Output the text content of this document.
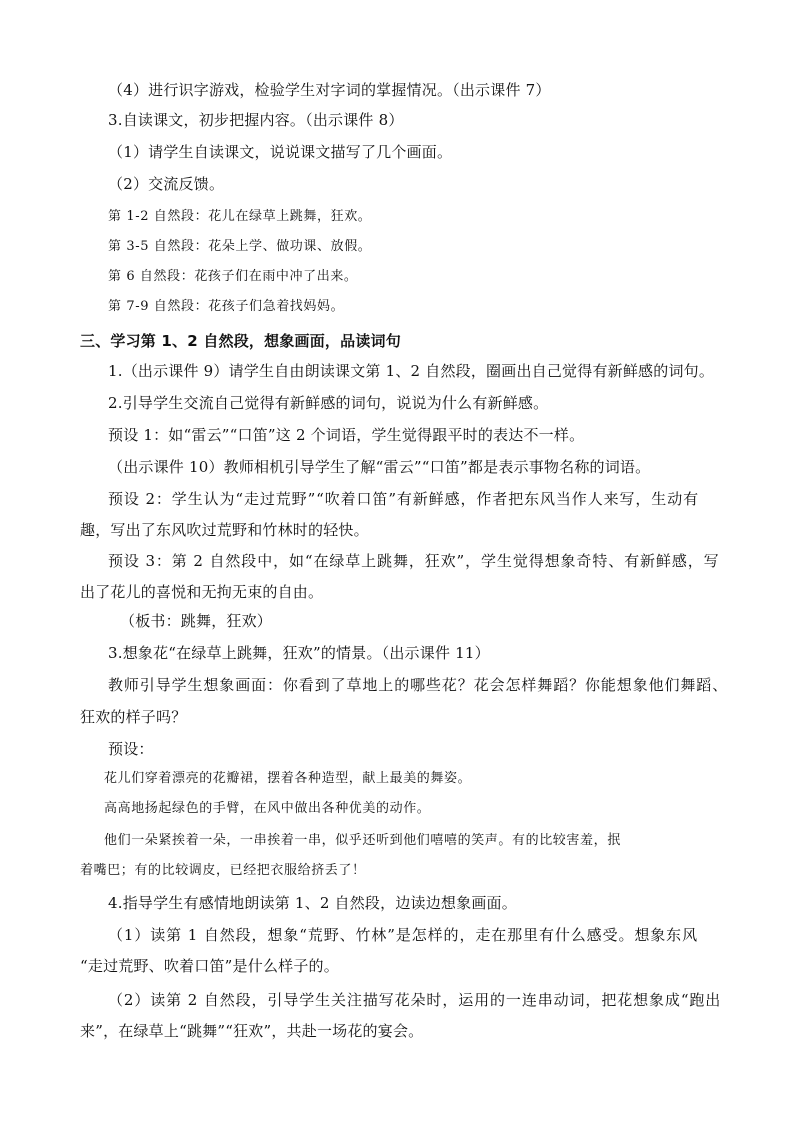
（4）进行识字游戏，检验学生对字词的掌握情况。（出示课件 7）
3.自读课文，初步把握内容。（出示课件 8）
（1）请学生自读课文，说说课文描写了几个画面。
（2）交流反馈。
第 1-2 自然段：花儿在绿草上跳舞，狂欢。
第 3-5 自然段：花朵上学、做功课、放假。
第 6 自然段：花孩子们在雨中冲了出来。
第 7-9 自然段：花孩子们急着找妈妈。
三、学习第 1、2 自然段，想象画面，品读词句
1.（出示课件 9）请学生自由朗读课文第 1、2 自然段，圈画出自己觉得有新鲜感的词句。
2.引导学生交流自己觉得有新鲜感的词句，说说为什么有新鲜感。
预设 1：如“雷云”“口笛”这 2 个词语，学生觉得跟平时的表达不一样。
（出示课件 10）教师相机引导学生了解“雷云”“口笛”都是表示事物名称的词语。
预设 2：学生认为“走过荒野”“吹着口笛”有新鲜感，作者把东风当作人来写，生动有
趣，写出了东风吹过荒野和竹林时的轻快。
预设 3：第 2 自然段中，如“在绿草上跳舞，狂欢”，学生觉得想象奇特、有新鲜感，写
出了花儿的喜悦和无拘无束的自由。
（板书：跳舞，狂欢）
3.想象花“在绿草上跳舞，狂欢”的情景。（出示课件 11）
教师引导学生想象画面：你看到了草地上的哪些花？花会怎样舞蹈？你能想象他们舞蹈、
狂欢的样子吗？
预设：
花儿们穿着漂亮的花瓣裙，摆着各种造型，献上最美的舞姿。
高高地扬起绿色的手臂，在风中做出各种优美的动作。
他们一朵紧挨着一朵，一串挨着一串，似乎还听到他们嘻嘻的笑声。有的比较害羞，抿
着嘴巴；有的比较调皮，已经把衣服给挤丢了！
4.指导学生有感情地朗读第 1、2 自然段，边读边想象画面。
（1）读第 1 自然段，想象“荒野、竹林”是怎样的，走在那里有什么感受。想象东风
“走过荒野、吹着口笛”是什么样子的。
（2）读第 2 自然段，引导学生关注描写花朵时，运用的一连串动词，把花想象成“跑出
来”，在绿草上“跳舞”“狂欢”，共赴一场花的宴会。
